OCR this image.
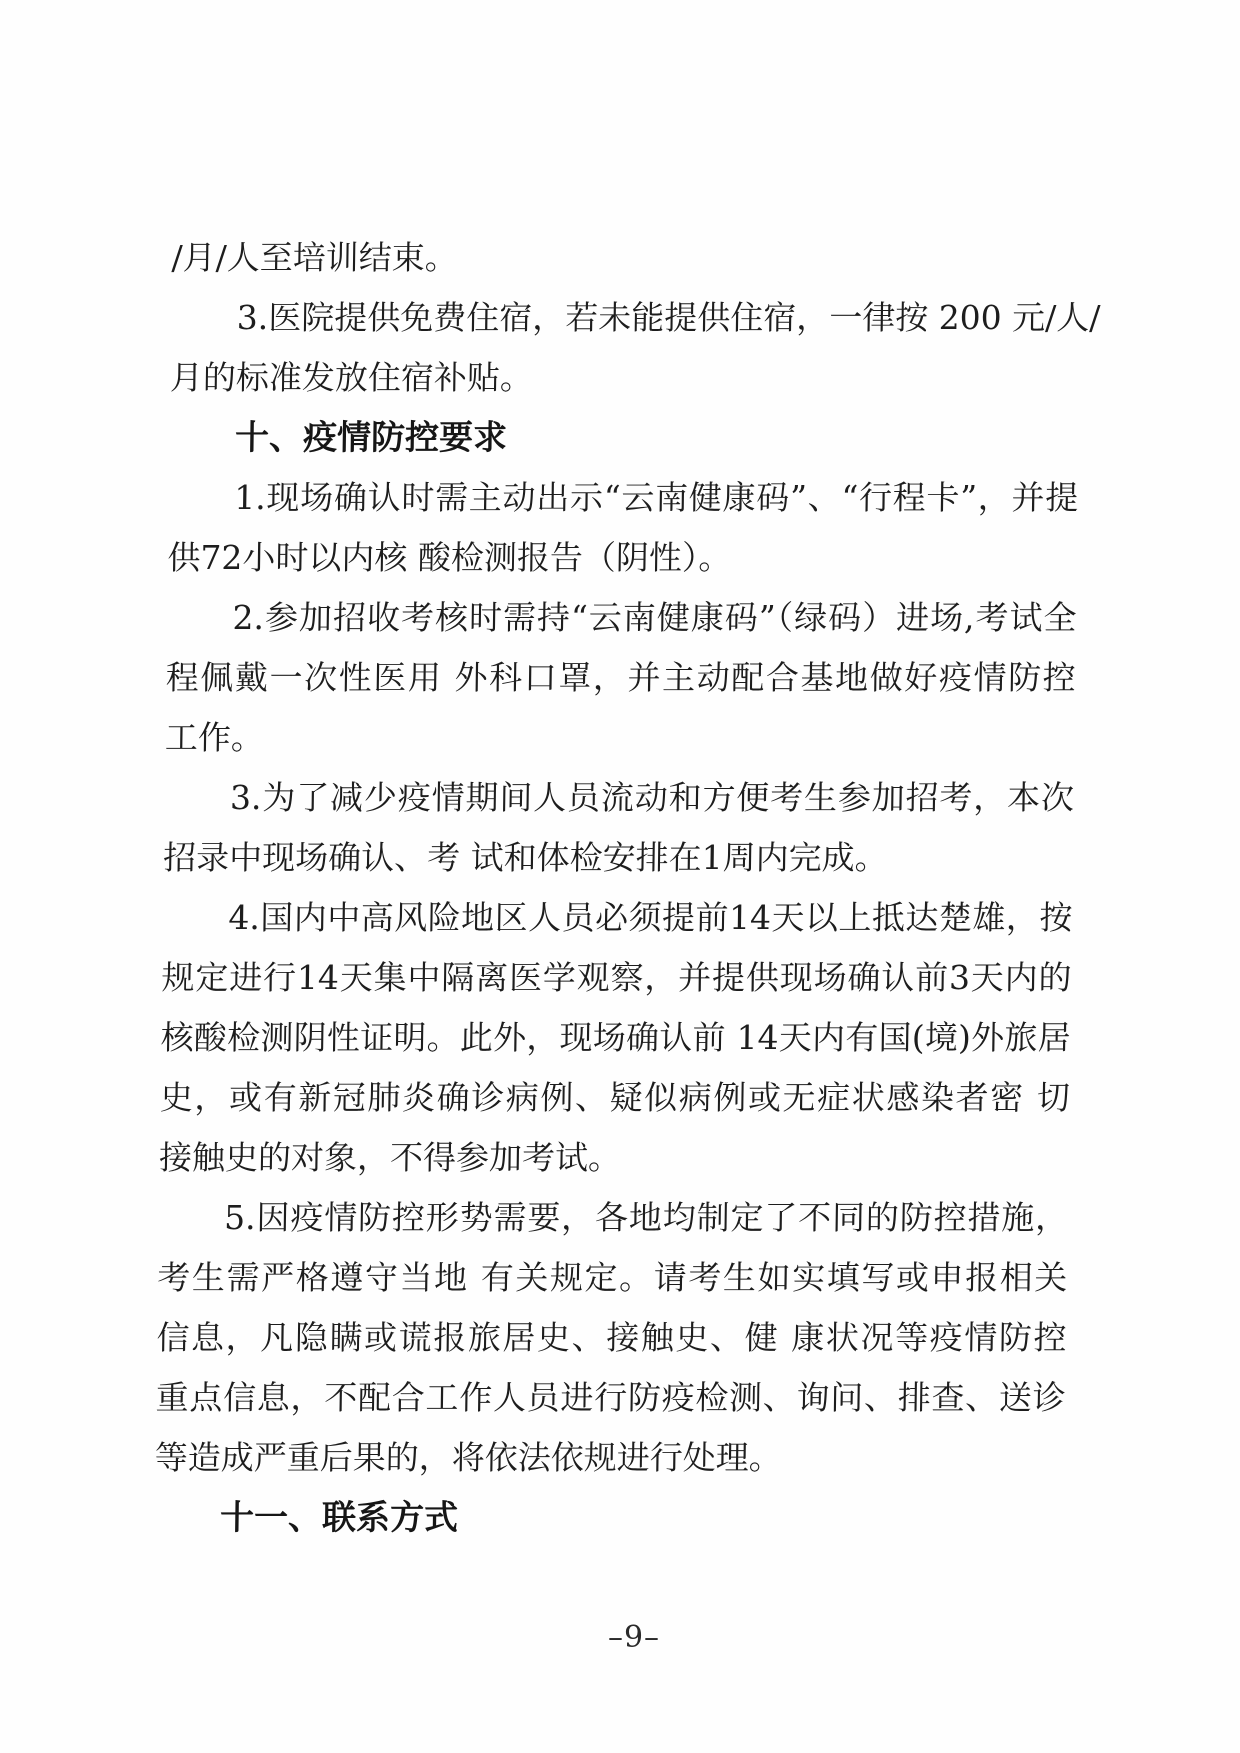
/月/人至培训结束。
3.医院提供免费住宿，若未能提供住宿，一律按 200 元/人/
月的标准发放住宿补贴。
十、疫情防控要求
1.现场确认时需主动出示“云南健康码”、“行程卡”，并提
供72小时以内核 酸检测报告（阴性）。
2.参加招收考核时需持“云南健康码”（绿码）进场,考试全
程佩戴一次性医用 外科口罩，并主动配合基地做好疫情防控
工作。
3.为了减少疫情期间人员流动和方便考生参加招考，本次
招录中现场确认、考 试和体检安排在1周内完成。
4.国内中高风险地区人员必须提前14天以上抵达楚雄，按
规定进行14天集中隔离医学观察，并提供现场确认前3天内的
核酸检测阴性证明。此外，现场确认前 14天内有国(境)外旅居
史，或有新冠肺炎确诊病例、疑似病例或无症状感染者密 切
接触史的对象，不得参加考试。
5.因疫情防控形势需要，各地均制定了不同的防控措施，
考生需严格遵守当地 有关规定。请考生如实填写或申报相关
信息，凡隐瞒或谎报旅居史、接触史、健 康状况等疫情防控
重点信息，不配合工作人员进行防疫检测、询问、排查、送诊
等造成严重后果的，将依法依规进行处理。
十一、联系方式
–9–
